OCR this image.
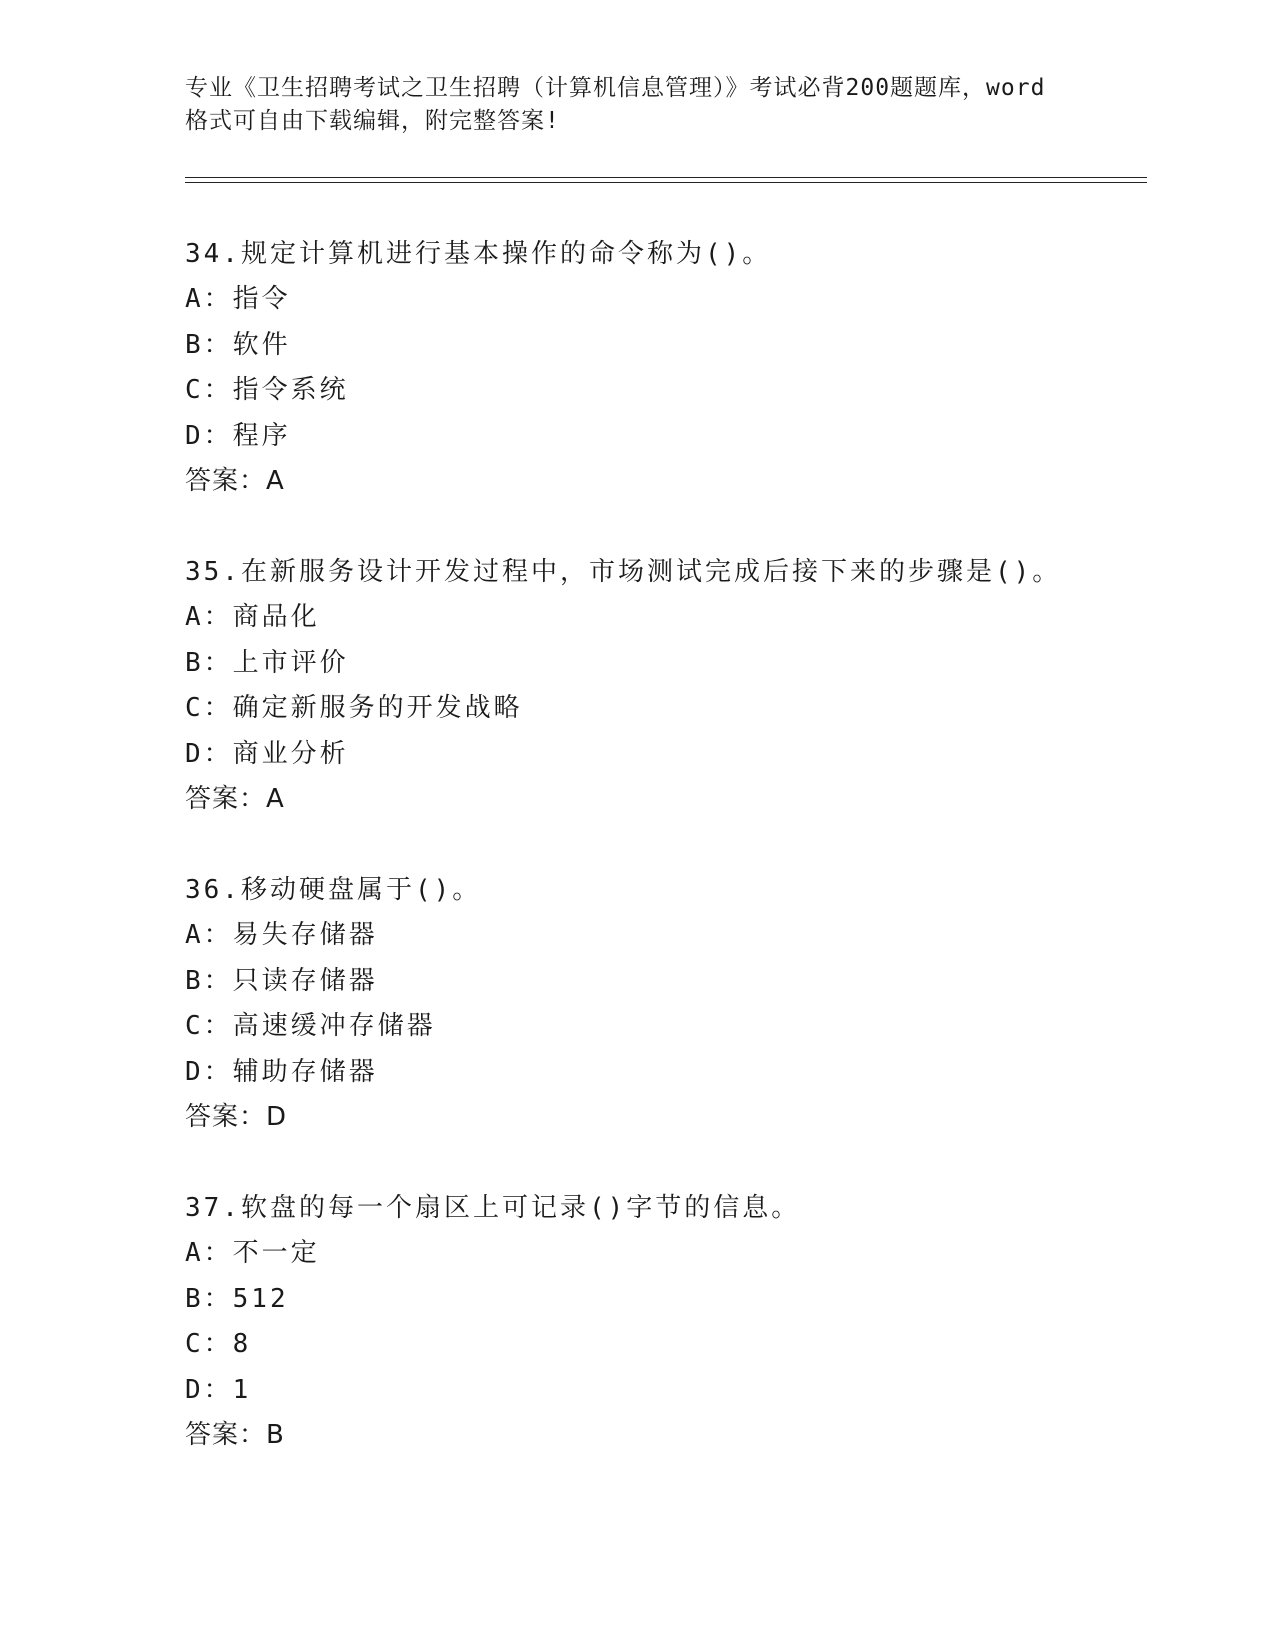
专业《卫生招聘考试之卫生招聘（计算机信息管理）》考试必背200题题库，word

格式可自由下载编辑，附完整答案!

34.规定计算机进行基本操作的命令称为()。
A：指令
B：软件
C：指令系统
D：程序
答案：A
35.在新服务设计开发过程中，市场测试完成后接下来的步骤是()。
A：商品化
B：上市评价
C：确定新服务的开发战略
D：商业分析
答案：A
36.移动硬盘属于()。
A：易失存储器
B：只读存储器
C：高速缓冲存储器
D：辅助存储器
答案：D
37.软盘的每一个扇区上可记录()字节的信息。
A：不一定
B：512
C：8
D：1
答案：B
